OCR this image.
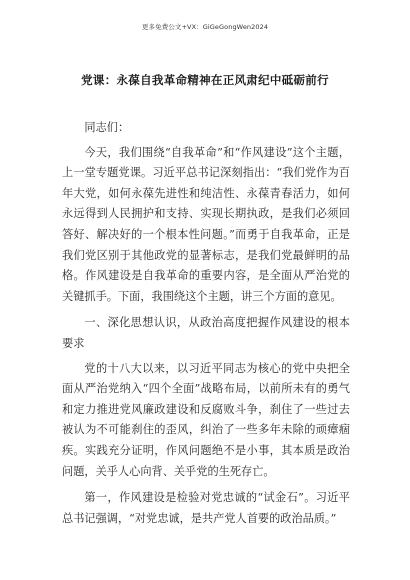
更多免费公文+VX：GiGeGongWen2024
党课：永葆自我革命精神在正风肃纪中砥砺前行

同志们：

今天，我们围绕“自我革命”和“作风建设”这个主题，上一堂专题党课。习近平总书记深刻指出：“我们党作为百年大党，如何永葆先进性和纯洁性、永葆青春活力，如何永远得到人民拥护和支持、实现长期执政，是我们必须回答好、解决好的一个根本性问题。”而勇于自我革命，正是我们党区别于其他政党的显著标志，是我们党最鲜明的品格。作风建设是自我革命的重要内容，是全面从严治党的关键抓手。下面，我围绕这个主题，讲三个方面的意见。

一、深化思想认识，从政治高度把握作风建设的根本要求

党的十八大以来，以习近平同志为核心的党中央把全面从严治党纳入“四个全面”战略布局，以前所未有的勇气和定力推进党风廉政建设和反腐败斗争，刹住了一些过去被认为不可能刹住的歪风，纠治了一些多年未除的顽瘴痼疾。实践充分证明，作风问题绝不是小事，其本质是政治问题，关乎人心向背、关乎党的生死存亡。

第一，作风建设是检验对党忠诚的“试金石”。习近平总书记强调，“对党忠诚，是共产党人首要的政治品质。”
